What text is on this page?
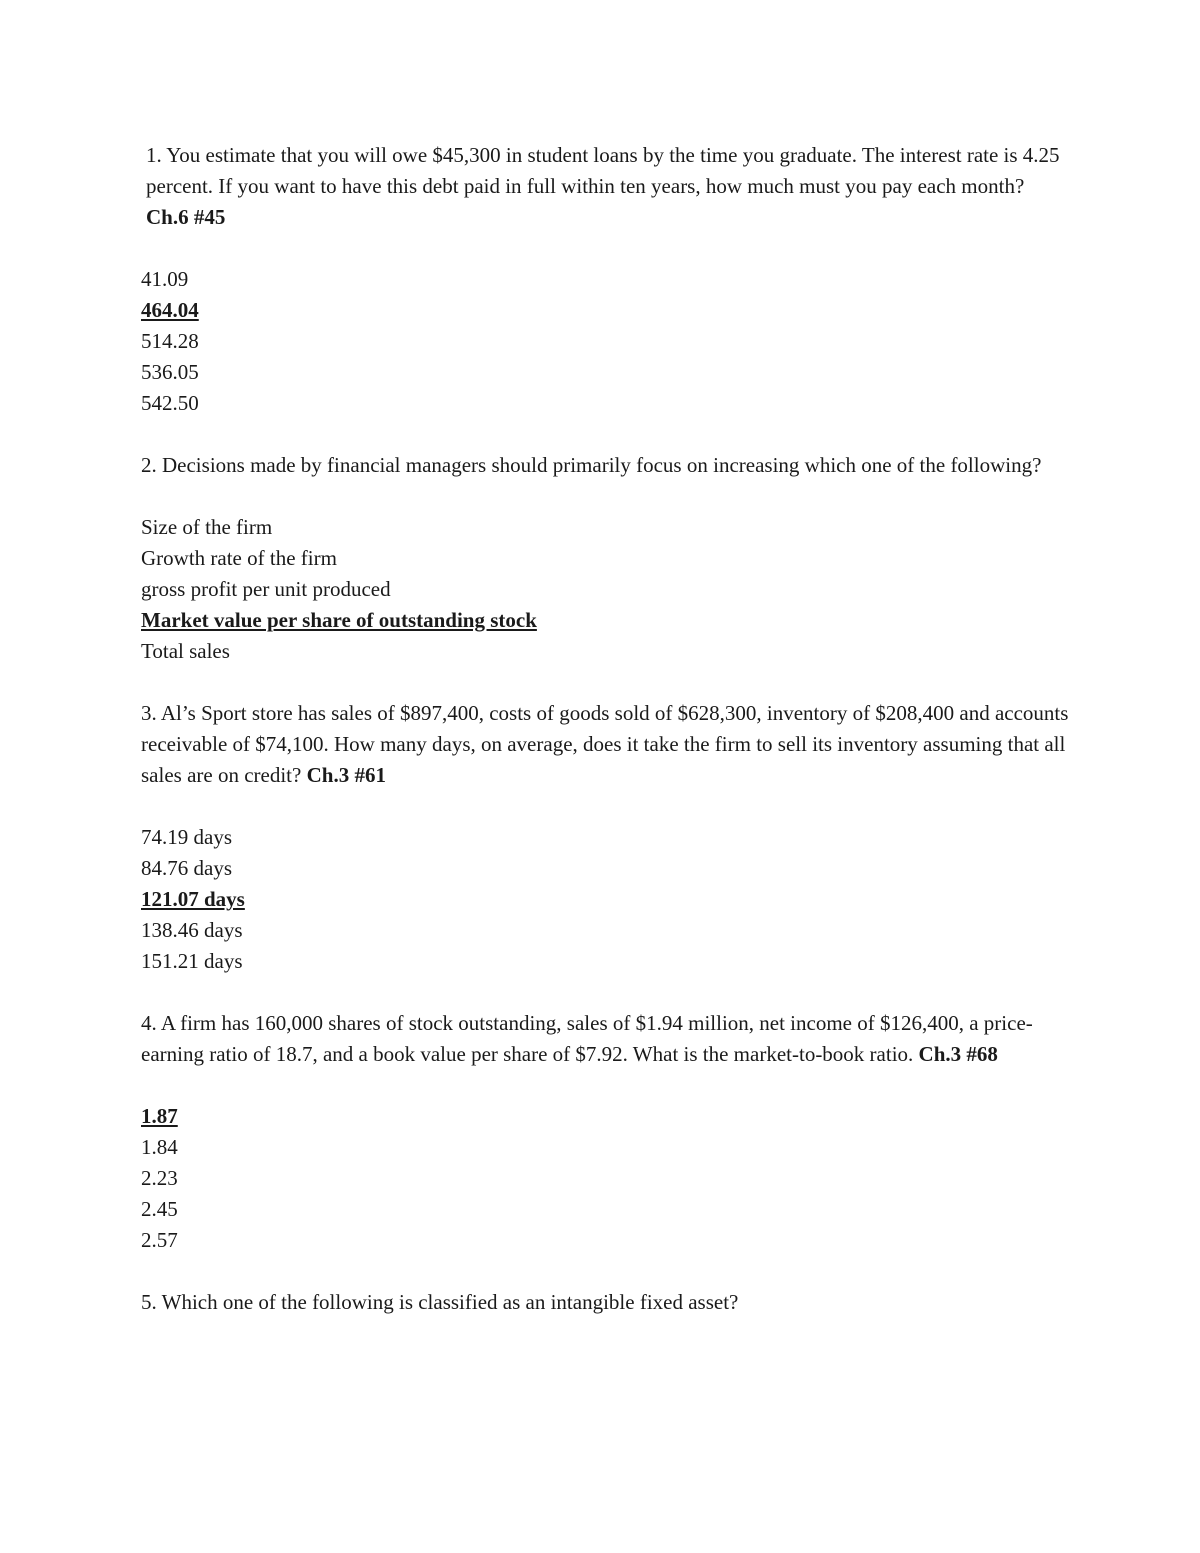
1. You estimate that you will owe $45,300 in student loans by the time you graduate. The interest rate is 4.25 percent. If you want to have this debt paid in full within ten years, how much must you pay each month? Ch.6 #45

41.09
464.04
514.28
536.05
542.50

2. Decisions made by financial managers should primarily focus on increasing which one of the following?

Size of the firm
Growth rate of the firm
gross profit per unit produced
Market value per share of outstanding stock
Total sales

3. Al’s Sport store has sales of $897,400, costs of goods sold of $628,300, inventory of $208,400 and accounts receivable of $74,100. How many days, on average, does it take the firm to sell its inventory assuming that all sales are on credit? Ch.3 #61

74.19 days
84.76 days
121.07 days
138.46 days
151.21 days

4. A firm has 160,000 shares of stock outstanding, sales of $1.94 million, net income of $126,400, a price-earning ratio of 18.7, and a book value per share of $7.92. What is the market-to-book ratio. Ch.3 #68

1.87
1.84
2.23
2.45
2.57

5. Which one of the following is classified as an intangible fixed asset?
